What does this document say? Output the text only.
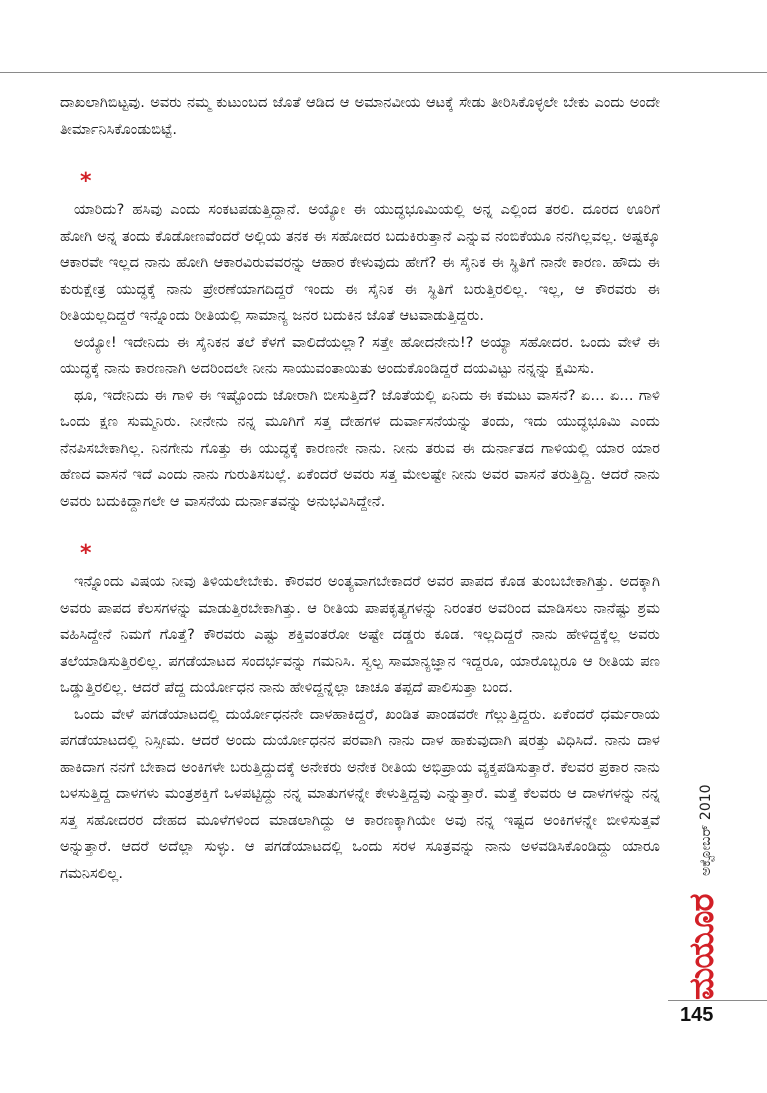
ದಾಖಲಾಗಿಬಿಟ್ಟವು. ಅವರು ನಮ್ಮ ಕುಟುಂಬದ ಜೊತೆ ಆಡಿದ ಆ ಅಮಾನವೀಯ ಆಟಕ್ಕೆ ಸೇಡು ತೀರಿಸಿಕೊಳ್ಳಲೇ ಬೇಕು ಎಂದು ಅಂದೇ ತೀರ್ಮಾನಿಸಿಕೊಂಡುಬಿಟ್ಟೆ.

*

ಯಾರಿದು? ಹಸಿವು ಎಂದು ಸಂಕಟಪಡುತ್ತಿದ್ದಾನೆ. ಅಯ್ಯೋ ಈ ಯುದ್ಧಭೂಮಿಯಲ್ಲಿ ಅನ್ನ ಎಲ್ಲಿಂದ ತರಲಿ. ದೂರದ ಊರಿಗೆ ಹೋಗಿ ಅನ್ನ ತಂದು ಕೊಡೋಣವೆಂದರೆ ಅಲ್ಲಿಯ ತನಕ ಈ ಸಹೋದರ ಬದುಕಿರುತ್ತಾನೆ ಎನ್ನುವ ನಂಬಿಕೆಯೂ ನನಗಿಲ್ಲವಲ್ಲ. ಅಷ್ಟಕ್ಕೂ ಆಕಾರವೇ ಇಲ್ಲದ ನಾನು ಹೋಗಿ ಆಕಾರವಿರುವವರನ್ನು ಆಹಾರ ಕೇಳುವುದು ಹೇಗೆ? ಈ ಸೈನಿಕ ಈ ಸ್ಥಿತಿಗೆ ನಾನೇ ಕಾರಣ. ಹೌದು ಈ ಕುರುಕ್ಷೇತ್ರ ಯುದ್ಧಕ್ಕೆ ನಾನು ಪ್ರೇರಣೆಯಾಗದಿದ್ದರೆ ಇಂದು ಈ ಸೈನಿಕ ಈ ಸ್ಥಿತಿಗೆ ಬರುತ್ತಿರಲಿಲ್ಲ. ಇಲ್ಲ, ಆ ಕೌರವರು ಈ ರೀತಿಯಲ್ಲದಿದ್ದರೆ ಇನ್ನೊಂದು ರೀತಿಯಲ್ಲಿ ಸಾಮಾನ್ಯ ಜನರ ಬದುಕಿನ ಜೊತೆ ಆಟವಾಡುತ್ತಿದ್ದರು.

ಅಯ್ಯೋ! ಇದೇನಿದು ಈ ಸೈನಿಕನ ತಲೆ ಕೆಳಗೆ ವಾಲಿದೆಯಲ್ಲಾ? ಸತ್ತೇ ಹೋದನೇನು!? ಅಯ್ಯಾ ಸಹೋದರ. ಒಂದು ವೇಳೆ ಈ ಯುದ್ಧಕ್ಕೆ ನಾನು ಕಾರಣನಾಗಿ ಅದರಿಂದಲೇ ನೀನು ಸಾಯುವಂತಾಯಿತು ಅಂದುಕೊಂಡಿದ್ದರೆ ದಯವಿಟ್ಟು ನನ್ನನ್ನು ಕ್ಷಮಿಸು.

ಥೂ, ಇದೇನಿದು ಈ ಗಾಳಿ ಈ ಇಷ್ಟೊಂದು ಜೋರಾಗಿ ಬೀಸುತ್ತಿದೆ? ಜೊತೆಯಲ್ಲಿ ಏನಿದು ಈ ಕಮಟು ವಾಸನೆ? ಏ... ಏ... ಗಾಳಿ ಒಂದು ಕ್ಷಣ ಸುಮ್ಮನಿರು. ನೀನೇನು ನನ್ನ ಮೂಗಿಗೆ ಸತ್ತ ದೇಹಗಳ ದುರ್ವಾಸನೆಯನ್ನು ತಂದು, ಇದು ಯುದ್ಧಭೂಮಿ ಎಂದು ನೆನಪಿಸಬೇಕಾಗಿಲ್ಲ. ನಿನಗೇನು ಗೊತ್ತು ಈ ಯುದ್ಧಕ್ಕೆ ಕಾರಣನೇ ನಾನು. ನೀನು ತರುವ ಈ ದುರ್ನಾತದ ಗಾಳಿಯಲ್ಲಿ ಯಾರ ಯಾರ ಹೆಣದ ವಾಸನೆ ಇದೆ ಎಂದು ನಾನು ಗುರುತಿಸಬಲ್ಲೆ. ಏಕೆಂದರೆ ಅವರು ಸತ್ತ ಮೇಲಷ್ಟೇ ನೀನು ಅವರ ವಾಸನೆ ತರುತ್ತಿದ್ದಿ. ಆದರೆ ನಾನು ಅವರು ಬದುಕಿದ್ದಾಗಲೇ ಆ ವಾಸನೆಯ ದುರ್ನಾತವನ್ನು ಅನುಭವಿಸಿದ್ದೇನೆ.

*

ಇನ್ನೊಂದು ವಿಷಯ ನೀವು ತಿಳಿಯಲೇಬೇಕು. ಕೌರವರ ಅಂತ್ಯವಾಗಬೇಕಾದರೆ ಅವರ ಪಾಪದ ಕೊಡ ತುಂಬಬೇಕಾಗಿತ್ತು. ಅದಕ್ಕಾಗಿ ಅವರು ಪಾಪದ ಕೆಲಸಗಳನ್ನು ಮಾಡುತ್ತಿರಬೇಕಾಗಿತ್ತು. ಆ ರೀತಿಯ ಪಾಪಕೃತ್ಯಗಳನ್ನು ನಿರಂತರ ಅವರಿಂದ ಮಾಡಿಸಲು ನಾನೆಷ್ಟು ಶ್ರಮ ವಹಿಸಿದ್ದೇನೆ ನಿಮಗೆ ಗೊತ್ತೆ? ಕೌರವರು ಎಷ್ಟು ಶಕ್ತಿವಂತರೋ ಅಷ್ಟೇ ದಡ್ಡರು ಕೂಡ. ಇಲ್ಲದಿದ್ದರೆ ನಾನು ಹೇಳಿದ್ದಕ್ಕೆಲ್ಲ ಅವರು ತಲೆಯಾಡಿಸುತ್ತಿರಲಿಲ್ಲ. ಪಗಡೆಯಾಟದ ಸಂದರ್ಭವನ್ನು ಗಮನಿಸಿ. ಸ್ವಲ್ಪ ಸಾಮಾನ್ಯಜ್ಞಾನ ಇದ್ದರೂ, ಯಾರೊಬ್ಬರೂ ಆ ರೀತಿಯ ಪಣ ಒಡ್ಡುತ್ತಿರಲಿಲ್ಲ. ಆದರೆ ಪೆದ್ದ ದುರ್ಯೋಧನ ನಾನು ಹೇಳಿದ್ದನ್ನೆಲ್ಲಾ ಚಾಚೂ ತಪ್ಪದೆ ಪಾಲಿಸುತ್ತಾ ಬಂದ.

ಒಂದು ವೇಳೆ ಪಗಡೆಯಾಟದಲ್ಲಿ ದುರ್ಯೋಧನನೇ ದಾಳಹಾಕಿದ್ದರೆ, ಖಂಡಿತ ಪಾಂಡವರೇ ಗೆಲ್ಲುತ್ತಿದ್ದರು. ಏಕೆಂದರೆ ಧರ್ಮರಾಯ ಪಗಡೆಯಾಟದಲ್ಲಿ ನಿಸ್ಸೀಮ. ಆದರೆ ಅಂದು ದುರ್ಯೋಧನನ ಪರವಾಗಿ ನಾನು ದಾಳ ಹಾಕುವುದಾಗಿ ಷರತ್ತು ವಿಧಿಸಿದೆ. ನಾನು ದಾಳ ಹಾಕಿದಾಗ ನನಗೆ ಬೇಕಾದ ಅಂಕಿಗಳೇ ಬರುತ್ತಿದ್ದುದಕ್ಕೆ ಅನೇಕರು ಅನೇಕ ರೀತಿಯ ಅಭಿಪ್ರಾಯ ವ್ಯಕ್ತಪಡಿಸುತ್ತಾರೆ. ಕೆಲವರ ಪ್ರಕಾರ ನಾನು ಬಳಸುತ್ತಿದ್ದ ದಾಳಗಳು ಮಂತ್ರಶಕ್ತಿಗೆ ಒಳಪಟ್ಟಿದ್ದು ನನ್ನ ಮಾತುಗಳನ್ನೇ ಕೇಳುತ್ತಿದ್ದವು ಎನ್ನುತ್ತಾರೆ. ಮತ್ತೆ ಕೆಲವರು ಆ ದಾಳಗಳನ್ನು ನನ್ನ ಸತ್ತ ಸಹೋದರರ ದೇಹದ ಮೂಳೆಗಳಿಂದ ಮಾಡಲಾಗಿದ್ದು ಆ ಕಾರಣಕ್ಕಾಗಿಯೇ ಅವು ನನ್ನ ಇಷ್ಟದ ಅಂಕಿಗಳನ್ನೇ ಬೀಳಿಸುತ್ತವೆ ಅನ್ನುತ್ತಾರೆ. ಆದರೆ ಅದೆಲ್ಲಾ ಸುಳ್ಳು. ಆ ಪಗಡೆಯಾಟದಲ್ಲಿ ಒಂದು ಸರಳ ಸೂತ್ರವನ್ನು ನಾನು ಅಳವಡಿಸಿಕೊಂಡಿದ್ದು ಯಾರೂ ಗಮನಿಸಲಿಲ್ಲ.	ಅಕ್ಟೋಬರ್ 2010
ಮಯೂರ
145
